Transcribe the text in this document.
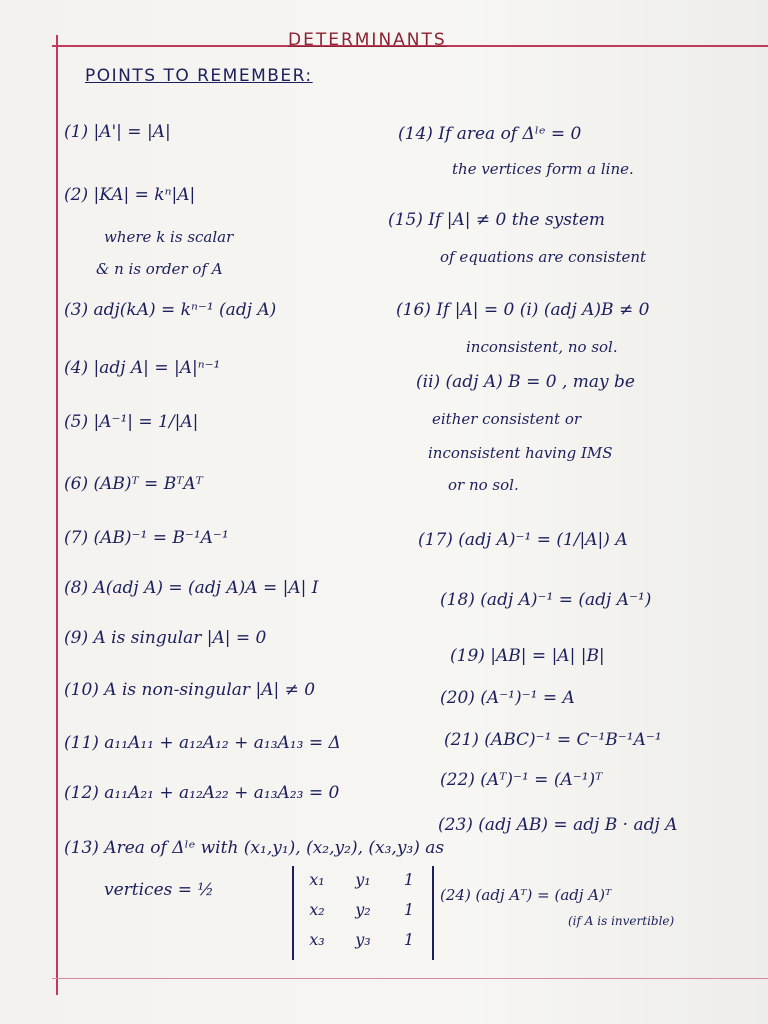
DETERMINANTS
POINTS TO REMEMBER:
(1) |A'| = |A|
(2) |KA| = kⁿ|A|
where k is scalar
& n is order of A
(3) adj(kA) = kⁿ⁻¹ (adj A)
(4) |adj A| = |A|ⁿ⁻¹
(5) |A⁻¹| = 1/|A|
(6) (AB)ᵀ = BᵀAᵀ
(7) (AB)⁻¹ = B⁻¹A⁻¹
(8) A(adj A) = (adj A)A = |A| I
(9) A is singular |A| = 0
(10) A is non-singular |A| ≠ 0
(11) a₁₁A₁₁ + a₁₂A₁₂ + a₁₃A₁₃ = Δ
(12) a₁₁A₂₁ + a₁₂A₂₂ + a₁₃A₂₃ = 0
(13) Area of Δˡᵉ with (x₁,y₁), (x₂,y₂), (x₃,y₃) as
vertices = ½
x₁	y₁	1
x₂	y₂	1
x₃	y₃	1
(14) If area of Δˡᵉ = 0
the vertices form a line.
(15) If |A| ≠ 0 the system
of equations are consistent
(16) If |A| = 0 (i) (adj A)B ≠ 0
inconsistent, no sol.
(ii) (adj A) B = 0 , may be
either consistent or
inconsistent having IMS
or no sol.
(17) (adj A)⁻¹ = (1/|A|) A
(18) (adj A)⁻¹ = (adj A⁻¹)
(19) |AB| = |A| |B|
(20) (A⁻¹)⁻¹ = A
(21) (ABC)⁻¹ = C⁻¹B⁻¹A⁻¹
(22) (Aᵀ)⁻¹ = (A⁻¹)ᵀ
(23) (adj AB) = adj B · adj A
(24) (adj Aᵀ) = (adj A)ᵀ
(if A is invertible)
